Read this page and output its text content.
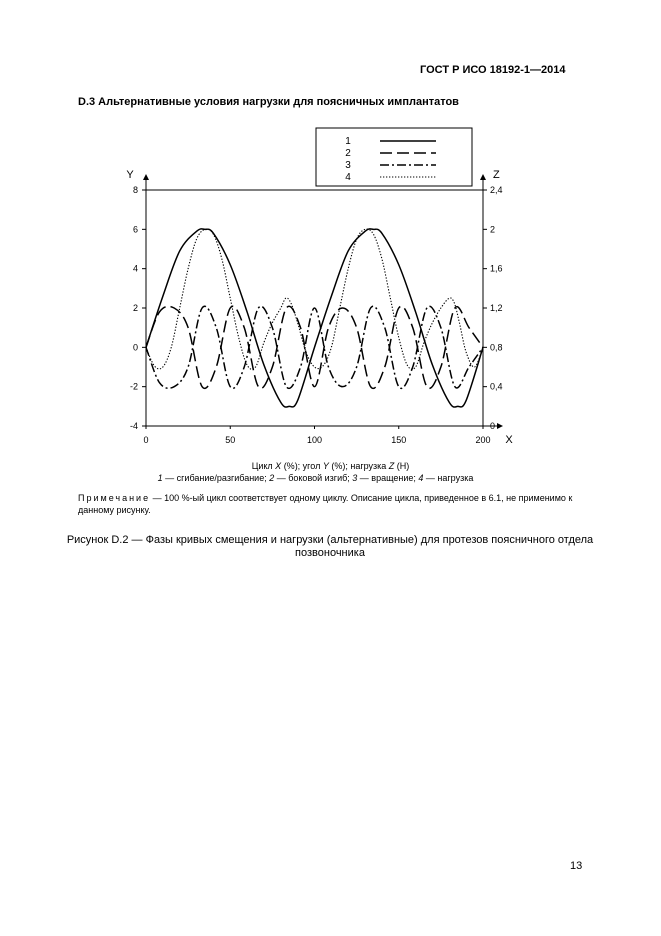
ГОСТ Р ИСО 18192-1—2014
D.3 Альтернативные условия нагрузки для поясничных имплантатов
1
2
3
4
-4
-2
0
2
4
6
8
0
0,4
0,8
1,2
1,6
2
2,4
0	50	100	150	200
Y	Z
X
Цикл X (%); угол Y (%); нагрузка Z (Н)
1 — сгибание/разгибание; 2 — боковой изгиб; 3 — вращение; 4 — нагрузка
Примечание — 100 %-ый цикл соответствует одному циклу. Описание цикла, приведенное в 6.1, не применимо к данному рисунку.
Рисунок D.2 — Фазы кривых смещения и нагрузки (альтернативные) для протезов поясничного отдела позвоночника
13
